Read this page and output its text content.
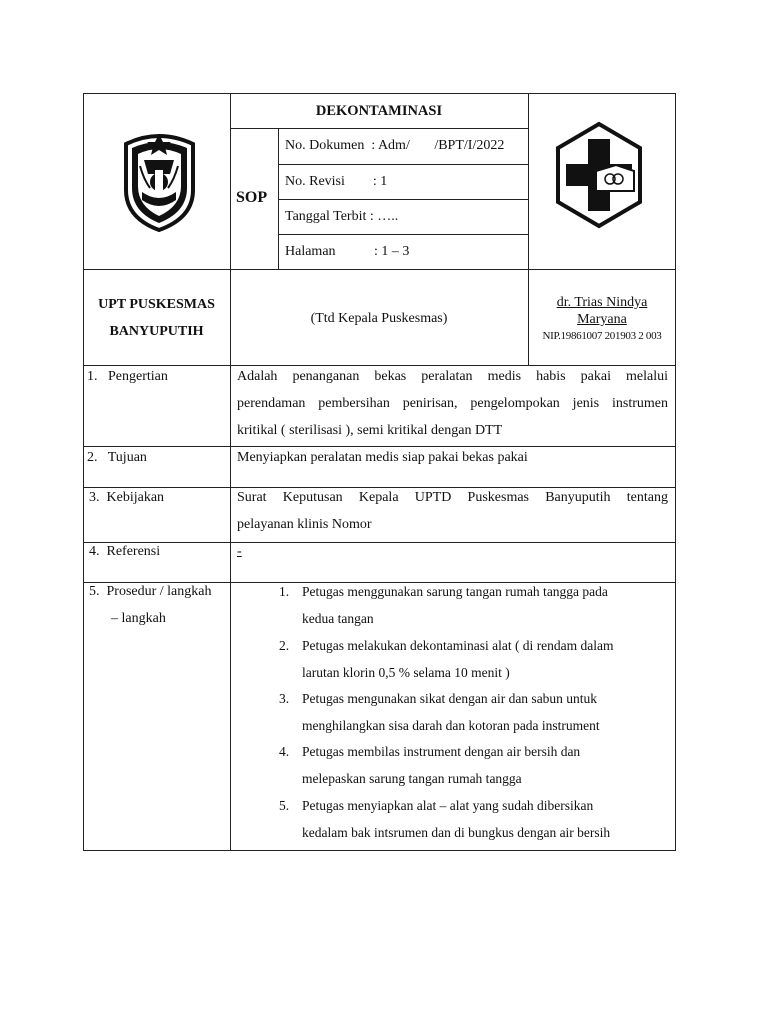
DEKONTAMINASI
SOP
No. Dokumen  : Adm/       /BPT/I/2022
No. Revisi        : 1
Tanggal Terbit : …..
Halaman           : 1 – 3
UPT PUSKESMAS
BANYUPUTIH
(Ttd Kepala Puskesmas)
dr. Trias Nindya
Maryana
NIP.19861007 201903 2 003
1.   Pengertian	Adalah penanganan bekas peralatan medis habis pakai melalui
perendaman pembersihan penirisan, pengelompokan jenis instrumen
kritikal ( sterilisasi ), semi kritikal dengan DTT
2.   Tujuan	Menyiapkan peralatan medis siap pakai bekas pakai
3.  Kebijakan	Surat Keputusan Kepala UPTD Puskesmas Banyuputih tentang
pelayanan klinis Nomor
4.  Referensi	-
5.  Prosedur / langkah
– langkah
1. Petugas menggunakan sarung tangan rumah tangga pada
kedua tangan
2. Petugas melakukan dekontaminasi alat ( di rendam dalam
larutan klorin 0,5 % selama 10 menit )
3. Petugas mengunakan sikat dengan air dan sabun untuk
menghilangkan sisa darah dan kotoran pada instrument
4. Petugas membilas instrument dengan air bersih dan
melepaskan sarung tangan rumah tangga
5. Petugas menyiapkan alat – alat yang sudah dibersikan
kedalam bak intsrumen dan di bungkus dengan air bersih
